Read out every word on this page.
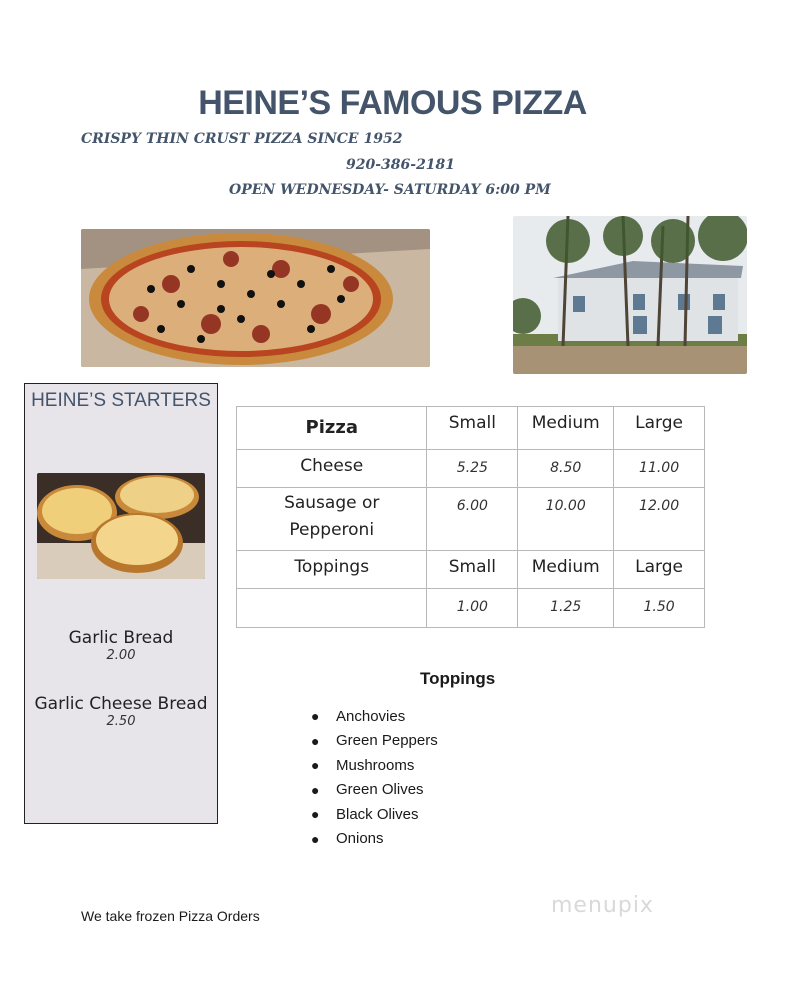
HEINE’S FAMOUS PIZZA
CRISPY THIN CRUST PIZZA SINCE 1952
920-386-2181
OPEN WEDNESDAY- SATURDAY 6:00 PM
HEINE’S STARTERS
Garlic Bread
2.00
Garlic Cheese Bread
2.50
Pizza	Small	Medium	Large
Cheese	5.25	8.50	11.00
Sausage or Pepperoni	6.00	10.00	12.00
Toppings	Small	Medium	Large
	1.00	1.25	1.50
Toppings
●	Anchovies
●	Green Peppers
●	Mushrooms
●	Green Olives
●	Black Olives
●	Onions
We take frozen Pizza Orders	menupix
